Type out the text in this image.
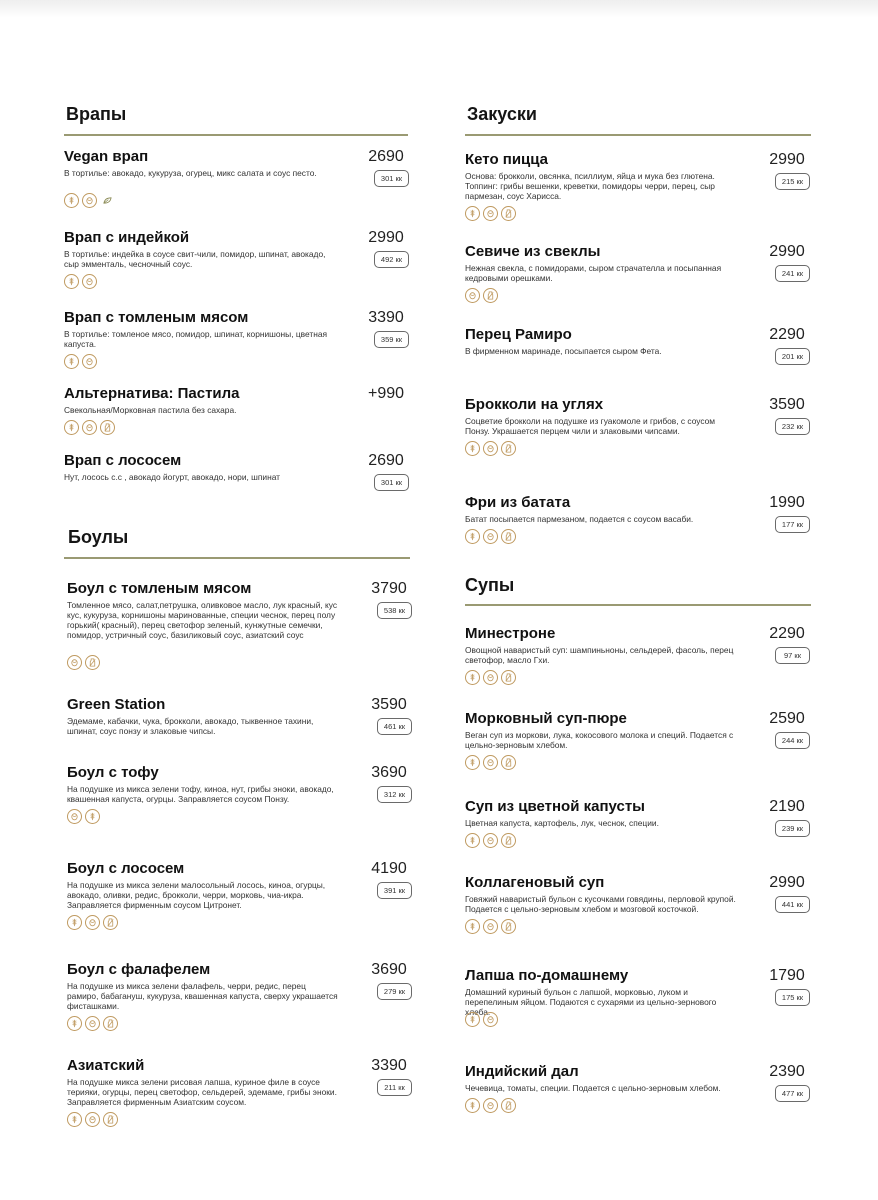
Врапы
Vegan врап	2690
В тортилье: авокадо, кукуруза, огурец, микс салата и соус песто.
301 кк
Врап с индейкой	2990
В тортилье: индейка в соусе свит-чили, помидор, шпинат, авокадо, сыр эмменталь, чесночный соус.	492 кк
Врап с томленым мясом	3390
В тортилье: томленое мясо, помидор, шпинат, корнишоны, цветная капуста.	359 кк
Альтернатива: Пастила	+990
Свекольная/Морковная пастила без сахара.
Врап с лососем	2690
Нут, лосось с.с , авокадо йогурт, авокадо, нори, шпинат
301 кк
Боулы
Боул с томленым мясом	3790
Томленное мясо, салат,петрушка, оливковое масло, лук красный, кус кус, кукуруза, корнишоны маринованные, специи чеснок, перец полу горький( красный), перец светофор зеленый, кунжутные семечки, помидор, устричный соус, базиликовый соус, азиатский соус
538 кк
Green Station	3590
Эдемаме, кабачки, чука, брокколи, авокадо, тыквенное тахини, шпинат, соус понзу и злаковые чипсы.	461 кк
Боул с тофу	3690
На подушке из микса зелени тофу, киноа, нут, грибы эноки, авокадо, квашенная капуста, огурцы. Заправляется соусом Понзу.	312 кк
Боул с лососем	4190
На подушке из микса зелени малосольный лосось, киноа, огурцы, авокадо, оливки, редис, брокколи, черри, морковь, чиа-икра. Заправляется фирменным соусом Цитронет.
391 кк
Боул с фалафелем	3690
На подушке из микса зелени фалафель, черри, редис, перец рамиро, бабагануш, кукуруза, квашенная капуста, сверху украшается фисташками.
279 кк
Азиатский	3390
На подушке микса зелени рисовая лапша, куриное филе в соусе терияки, огурцы, перец светофор, сельдерей, эдемаме, грибы эноки. Заправляется фирменным Азиатским соусом.
211 кк
Закуски
Кето пицца	2990
Основа: брокколи, овсянка, псиллиум, яйца и мука без глютена. Топпинг: грибы вешенки, креветки, помидоры черри, перец, сыр пармезан, соус Харисса.
215 кк
Севиче из свеклы	2990
Нежная свекла, с помидорами, сыром страчателла и посыпанная кедровыми орешками.	241 кк
Перец Рамиро	2290
В фирменном маринаде, посыпается сыром Фета.
201 кк
Брокколи на углях	3590
Соцветие брокколи на подушке из гуакомоле и грибов, с соусом Понзу. Украшается перцем чили и злаковыми чипсами.	232 кк
Фри из батата	1990
Батат посыпается пармезаном, подается с соусом васаби.
177 кк
Супы
Минестроне	2290
Овощной наваристый суп: шампиньноны, сельдерей, фасоль, перец светофор, масло Гхи.	97 кк
Морковный суп-пюре	2590
Веган суп из моркови, лука, кокосового молока и специй. Подается с цельно-зерновым хлебом.	244 кк
Суп из цветной капусты	2190
Цветная капуста, картофель, лук, чеснок, специи.
239 кк
Коллагеновый суп	2990
Говяжий наваристый бульон с кусочками говядины, перловой крупой. Подается с цельно-зерновым хлебом и мозговой косточкой.	441 кк
Лапша по-домашнему	1790
Домашний куриный бульон с лапшой, морковью, луком и перепелиным яйцом. Подаются с сухарями из цельно-зернового хлеба.
175 кк
Индийский дал	2390
Чечевица, томаты, специи. Подается с цельно-зерновым хлебом.
477 кк
